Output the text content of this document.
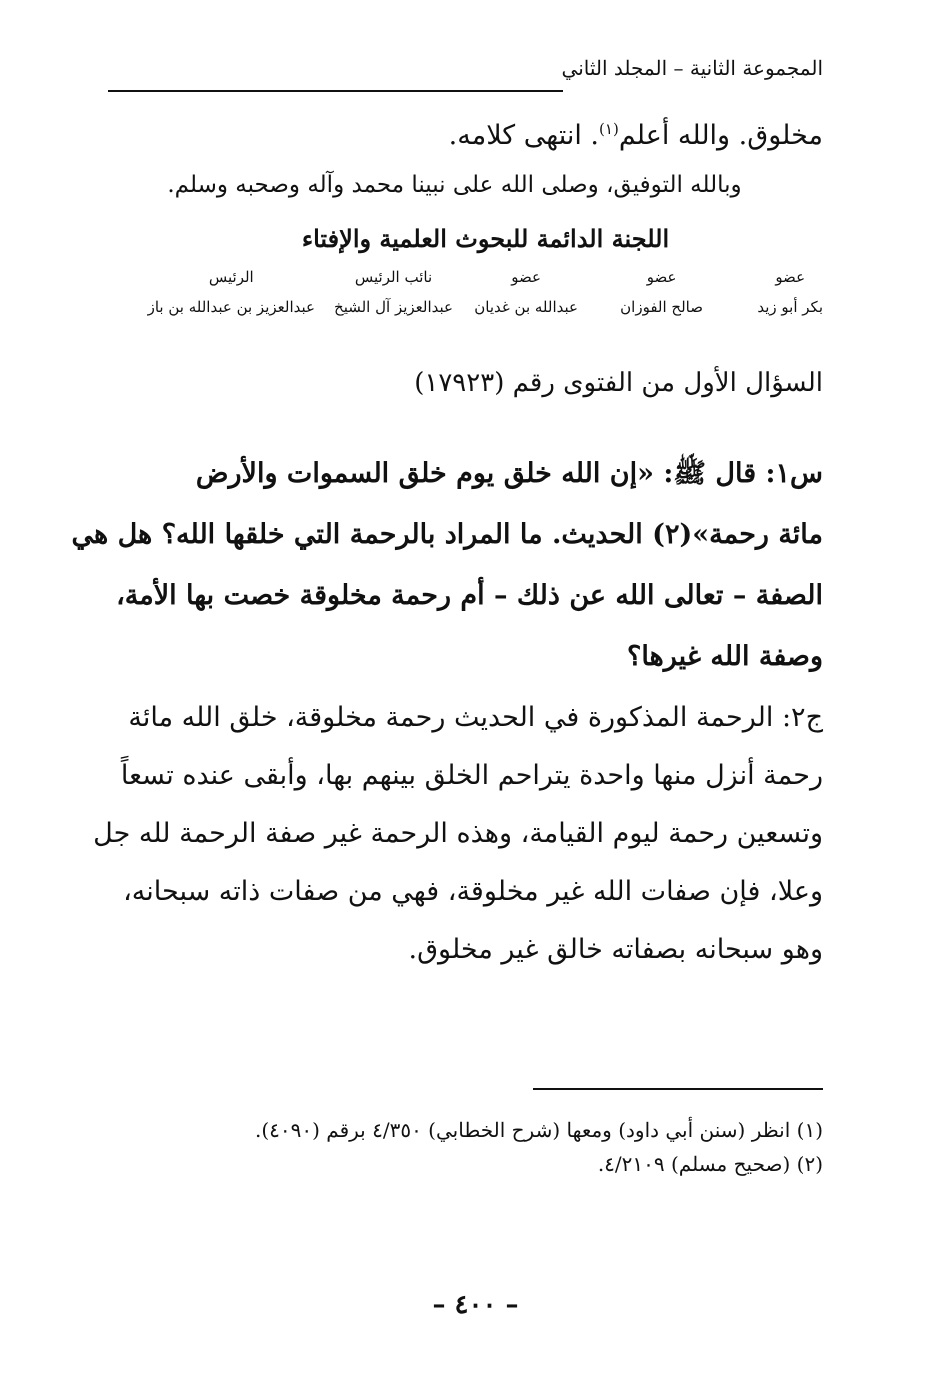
المجموعة الثانية – المجلد الثاني
مخلوق. والله أعلم$^{(١)}$. انتهى كلامه.
وبالله التوفيق، وصلى الله على نبينا محمد وآله وصحبه وسلم.
اللجنة الدائمة للبحوث العلمية والإفتاء
عضو
بكر أبو زيد
عضو
صالح الفوزان
عضو
عبدالله بن غديان
نائب الرئيس
عبدالعزيز آل الشيخ
الرئيس
عبدالعزيز بن عبدالله بن باز
السؤال الأول من الفتوى رقم (١٧٩٢٣)
س١: قال ﷺ: «إن الله خلق يوم خلق السموات والأرض
مائة رحمة»(٢) الحديث. ما المراد بالرحمة التي خلقها الله؟ هل هي
الصفة – تعالى الله عن ذلك – أم رحمة مخلوقة خصت بها الأمة،
وصفة الله غيرها؟
ج٢: الرحمة المذكورة في الحديث رحمة مخلوقة، خلق الله مائة
رحمة أنزل منها واحدة يتراحم الخلق بينهم بها، وأبقى عنده تسعاً
وتسعين رحمة ليوم القيامة، وهذه الرحمة غير صفة الرحمة لله جل
وعلا، فإن صفات الله غير مخلوقة، فهي من صفات ذاته سبحانه،
وهو سبحانه بصفاته خالق غير مخلوق.
(١) انظر (سنن أبي داود) ومعها (شرح الخطابي) ٤/٣٥٠ برقم (٤٠٩٠).
(٢) (صحيح مسلم) ٤/٢١٠٩.
– ٤٠٠ –
